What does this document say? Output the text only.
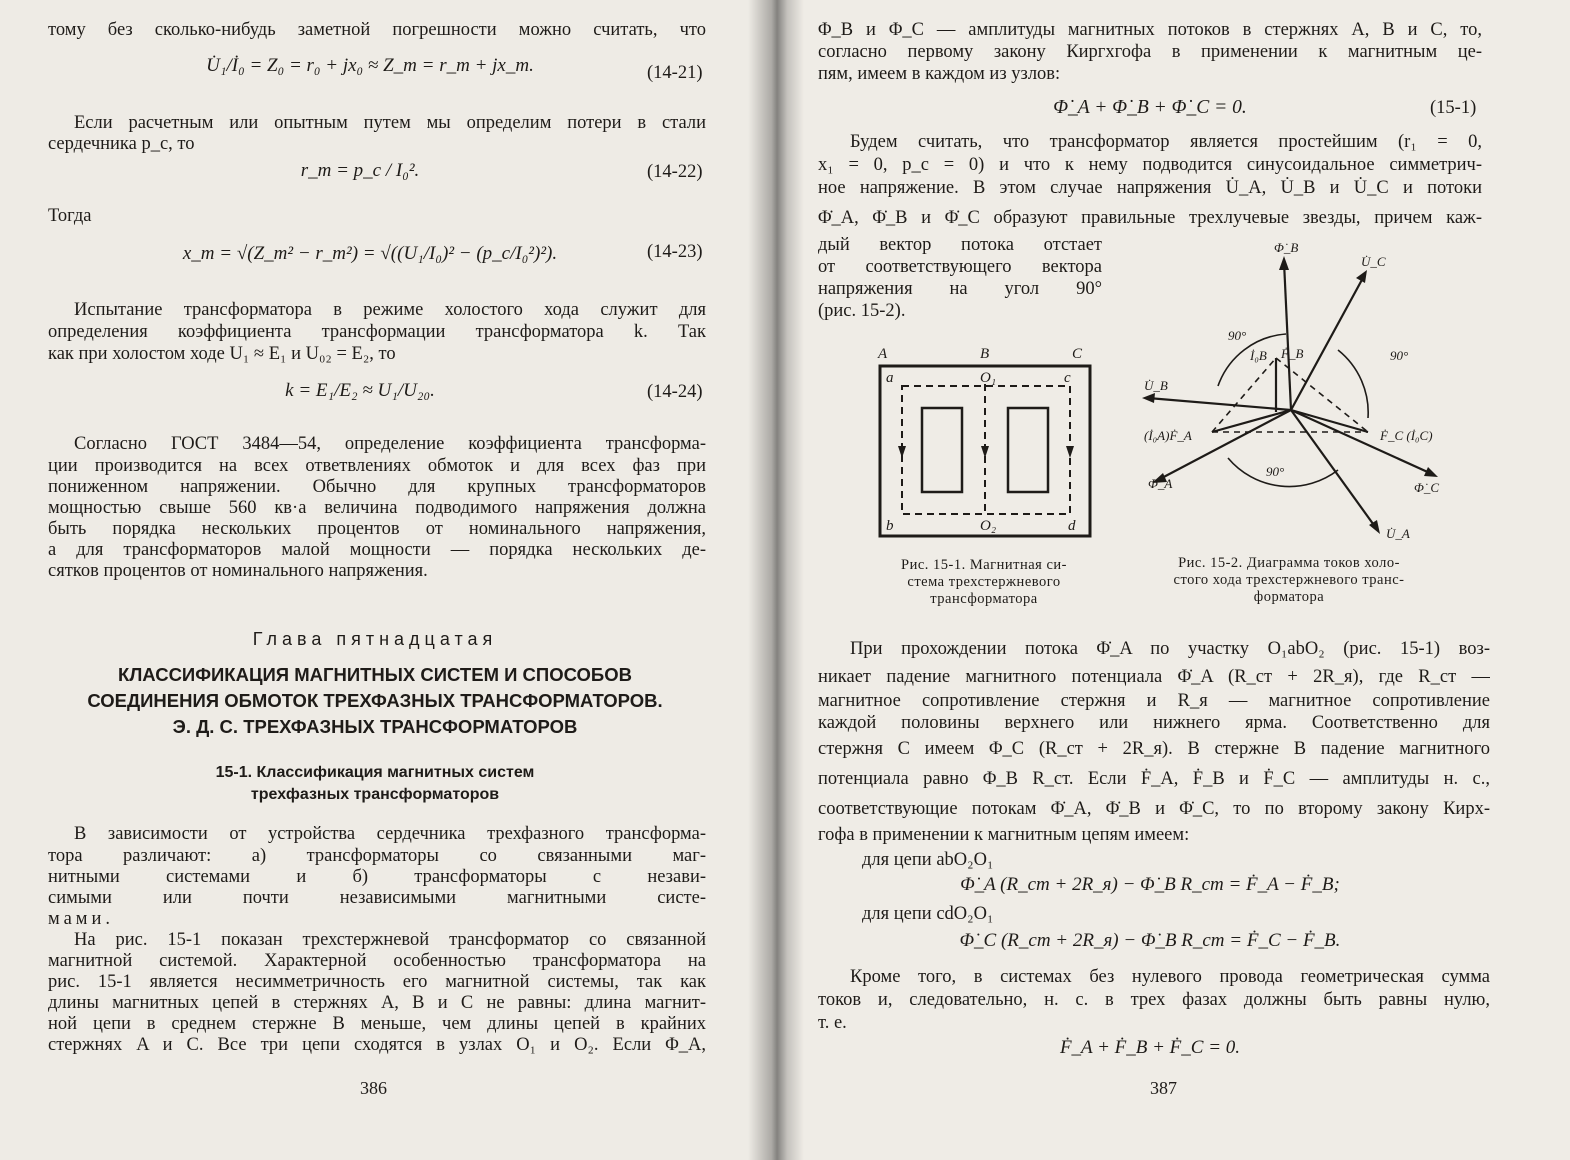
тому без сколько-нибудь заметной погрешности можно считать, что
U̇₁/İ₀ = Z₀ = r₀ + jx₀ ≈ Z_m = r_m + jx_m.	(14-21)
Если расчетным или опытным путем мы определим потери в стали
сердечника p_c, то
r_m = p_c / I₀².	(14-22)
Тогда
x_m = √(Z_m² − r_m²) = √((U₁/I₀)² − (p_c/I₀²)²).	(14-23)
Испытание трансформатора в режиме холостого хода служит для
определения коэффициента трансформации трансформатора k. Так
как при холостом ходе U₁ ≈ E₁ и U₀₂ = E₂, то
k = E₁/E₂ ≈ U₁/U₂₀.	(14-24)
Согласно ГОСТ 3484—54, определение коэффициента трансформа-
ции производится на всех ответвлениях обмоток и для всех фаз при
пониженном напряжении. Обычно для крупных трансформаторов
мощностью свыше 560 кв·а величина подводимого напряжения должна
быть порядка нескольких процентов от номинального напряжения,
а для трансформаторов малой мощности — порядка нескольких де-
сятков процентов от номинального напряжения.
Глава пятнадцатая
КЛАССИФИКАЦИЯ МАГНИТНЫХ СИСТЕМ И СПОСОБОВ
СОЕДИНЕНИЯ ОБМОТОК ТРЕХФАЗНЫХ ТРАНСФОРМАТОРОВ.
Э. Д. С. ТРЕХФАЗНЫХ ТРАНСФОРМАТОРОВ
15-1. Классификация магнитных систем
трехфазных трансформаторов
В зависимости от устройства сердечника трехфазного трансформа-
тора различают: а) трансформаторы со связанными маг-
нитными системами и б) трансформаторы с незави-
симыми или почти независимыми магнитными систе-
мами.
На рис. 15-1 показан трехстержневой трансформатор со связанной
магнитной системой. Характерной особенностью трансформатора на
рис. 15-1 является несимметричность его магнитной системы, так как
длины магнитных цепей в стержнях A, B и C не равны: длина магнит-
ной цепи в среднем стержне B меньше, чем длины цепей в крайних
стержнях A и C. Все три цепи сходятся в узлах O₁ и O₂. Если Φ_A,
386
Φ_B и Φ_C — амплитуды магнитных потоков в стержнях A, B и C, то,
согласно первому закону Киргхгофа в применении к магнитным це-
пям, имеем в каждом из узлов:
Φ̇_A + Φ̇_B + Φ̇_C = 0.	(15-1)
Будем считать, что трансформатор является простейшим (r₁ = 0,
x₁ = 0, p_c = 0) и что к нему подводится синусоидальное симметрич-
ное напряжение. В этом случае напряжения U̇_A, U̇_B и U̇_C и потоки
Φ̇_A, Φ̇_B и Φ̇_C образуют правильные трехлучевые звезды, причем каж-
дый вектор потока отстает
от соответствующего вектора
напряжения на угол 90°
(рис. 15-2).
A	B	C
a	O₁	c
b	O₂	d
Рис. 15-1. Магнитная си-
стема трехстержневого
трансформатора
Φ̇_B
U̇_C
90°
İ₀B Ḟ_B	90°
U̇_B
(İ₀A)Ḟ_A	Ḟ_C (İ₀C)
90°
Φ̇_A	Φ̇_C
U̇_A
Рис. 15-2. Диаграмма токов холо-
стого хода трехстержневого транс-
форматора
При прохождении потока Φ̇_A по участку O₁abO₂ (рис. 15-1) воз-
никает падение магнитного потенциала Φ̇_A (R_ст + 2R_я), где R_ст —
магнитное сопротивление стержня и R_я — магнитное сопротивление
каждой половины верхнего или нижнего ярма. Соответственно для
стержня C имеем Φ_C (R_ст + 2R_я). В стержне B падение магнитного
потенциала равно Φ_B R_ст. Если Ḟ_A, Ḟ_B и Ḟ_C — амплитуды н. с.,
соответствующие потокам Φ̇_A, Φ̇_B и Φ̇_C, то по второму закону Кирх-
гофа в применении к магнитным цепям имеем:
для цепи abO₂O₁
Φ̇_A (R_ст + 2R_я) − Φ̇_B R_ст = Ḟ_A − Ḟ_B;
для цепи cdO₂O₁
Φ̇_C (R_ст + 2R_я) − Φ̇_B R_ст = Ḟ_C − Ḟ_B.
Кроме того, в системах без нулевого провода геометрическая сумма
токов и, следовательно, н. с. в трех фазах должны быть равны нулю,
т. е.
Ḟ_A + Ḟ_B + Ḟ_C = 0.
387
